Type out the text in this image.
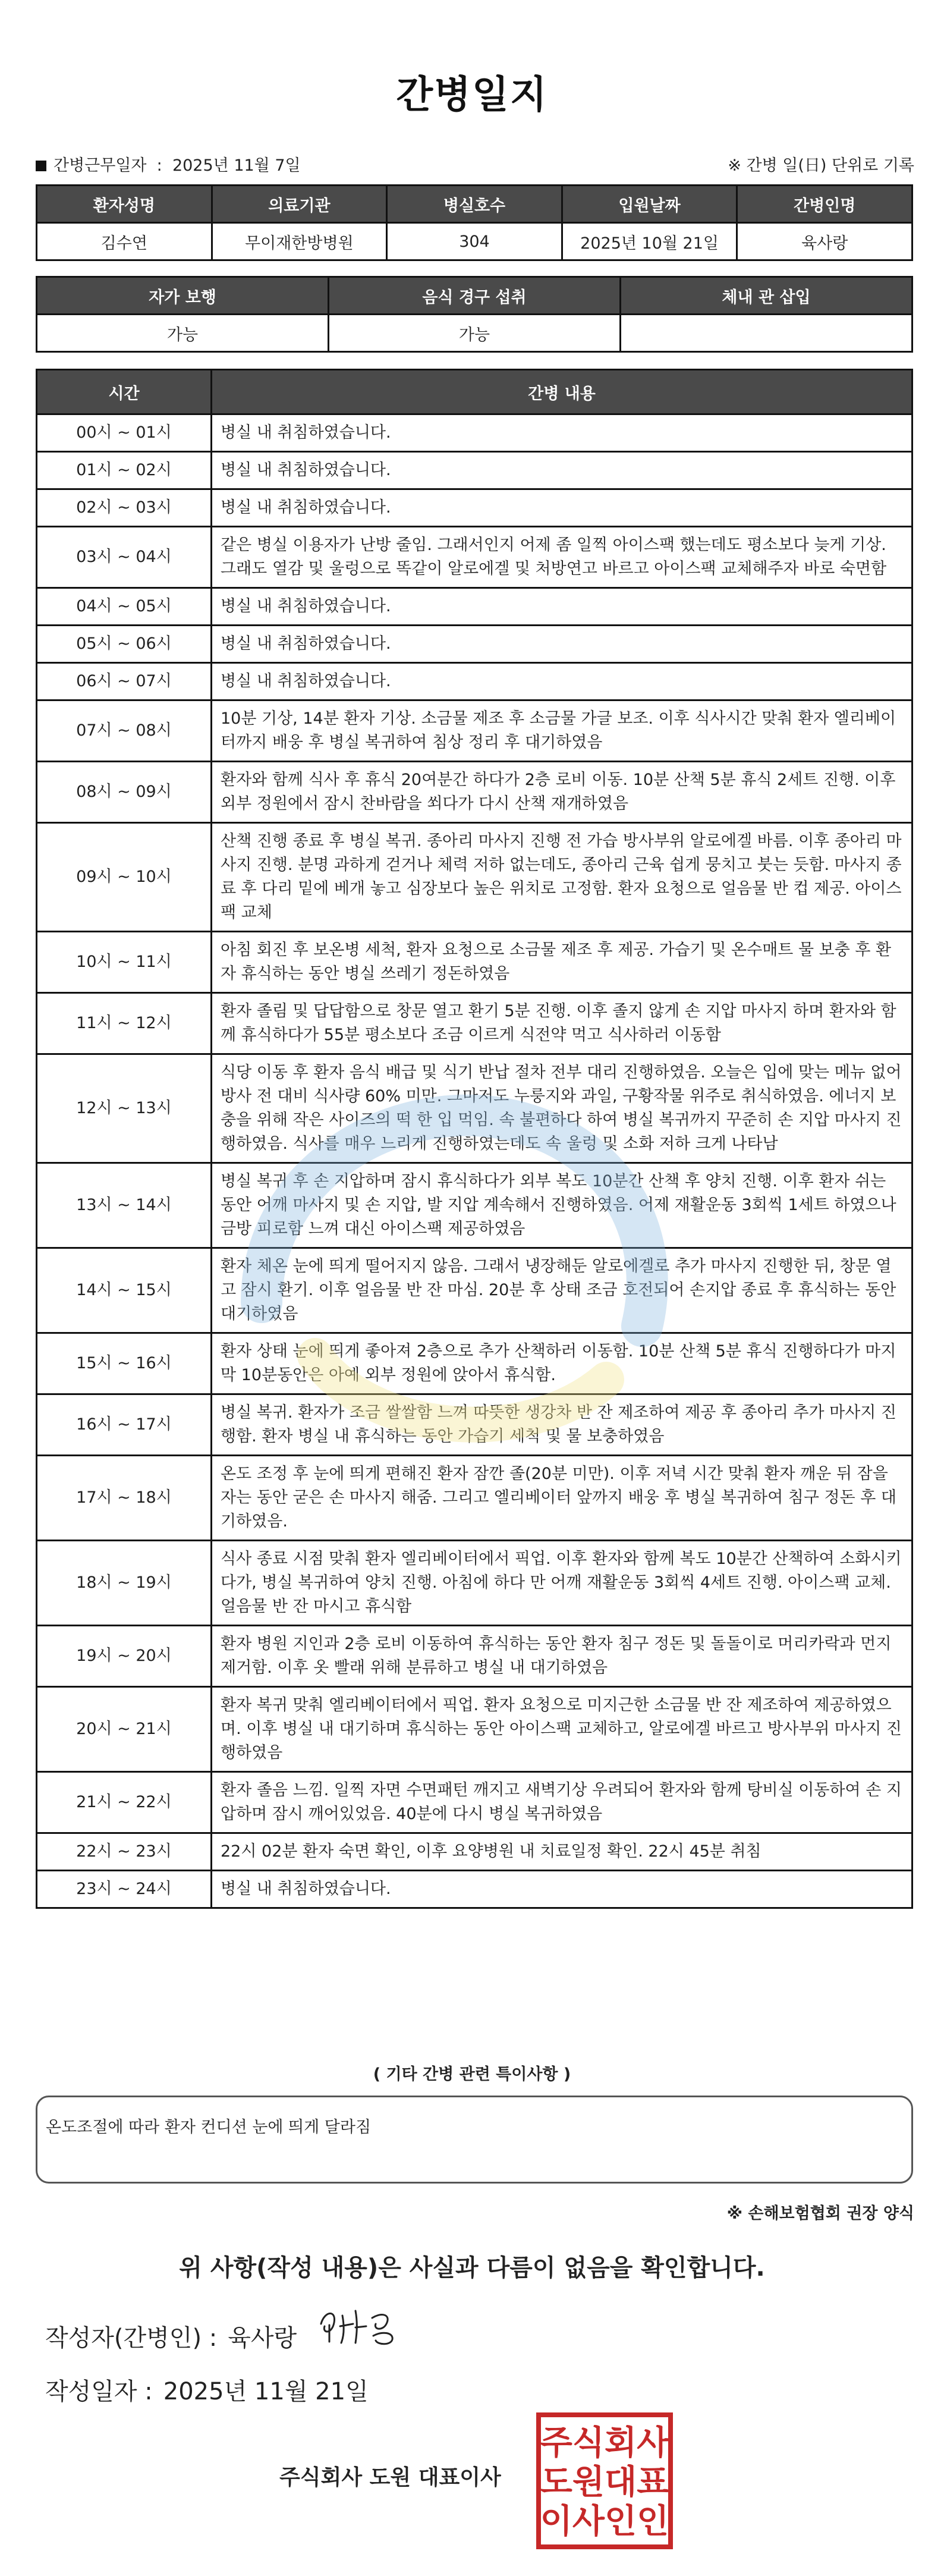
간병일지
간병근무일자  :  2025년 11월 7일	※ 간병 일(日) 단위로 기록
환자성명	의료기관	병실호수	입원날짜	간병인명
김수연	무이재한방병원	304	2025년 10월 21일	육사랑
자가 보행	음식 경구 섭취	체내 관 삽입
가능	가능	
시간	간병 내용
00시 ~ 01시	병실 내 취침하였습니다.
01시 ~ 02시	병실 내 취침하였습니다.
02시 ~ 03시	병실 내 취침하였습니다.
03시 ~ 04시	같은 병실 이용자가 난방 줄임. 그래서인지 어제 좀 일찍 아이스팩 했는데도 평소보다 늦게 기상. 그래도 열감 및 울렁으로 똑같이 알로에겔 및 처방연고 바르고 아이스팩 교체해주자 바로 숙면함
04시 ~ 05시	병실 내 취침하였습니다.
05시 ~ 06시	병실 내 취침하였습니다.
06시 ~ 07시	병실 내 취침하였습니다.
07시 ~ 08시	10분 기상, 14분 환자 기상. 소금물 제조 후 소금물 가글 보조. 이후 식사시간 맞춰 환자 엘리베이터까지 배웅 후 병실 복귀하여 침상 정리 후 대기하였음
08시 ~ 09시	환자와 함께 식사 후 휴식 20여분간 하다가 2층 로비 이동. 10분 산책 5분 휴식 2세트 진행. 이후 외부 정원에서 잠시 찬바람을 쐬다가 다시 산책 재개하였음
09시 ~ 10시	산책 진행 종료 후 병실 복귀. 종아리 마사지 진행 전 가습 방사부위 알로에겔 바름. 이후 종아리 마사지 진행. 분명 과하게 걷거나 체력 저하 없는데도, 종아리 근육 쉽게 뭉치고 붓는 듯함. 마사지 종료 후 다리 밑에 베개 놓고 심장보다 높은 위치로 고정함. 환자 요청으로 얼음물 반 컵 제공. 아이스팩 교체
10시 ~ 11시	아침 회진 후 보온병 세척, 환자 요청으로 소금물 제조 후 제공. 가습기 및 온수매트 물 보충 후 환자 휴식하는 동안 병실 쓰레기 정돈하였음
11시 ~ 12시	환자 졸림 및 답답함으로 창문 열고 환기 5분 진행. 이후 졸지 않게 손 지압 마사지 하며 환자와 함께 휴식하다가 55분 평소보다 조금 이르게 식전약 먹고 식사하러 이동함
12시 ~ 13시	식당 이동 후 환자 음식 배급 및 식기 반납 절차 전부 대리 진행하였음. 오늘은 입에 맞는 메뉴 없어 방사 전 대비 식사량 60% 미만. 그마저도 누룽지와 과일, 구황작물 위주로 취식하였음. 에너지 보충을 위해 작은 사이즈의 떡 한 입 먹임. 속 불편하다 하여 병실 복귀까지 꾸준히 손 지압 마사지 진행하였음. 식사를 매우 느리게 진행하였는데도 속 울렁 및 소화 저하 크게 나타남
13시 ~ 14시	병실 복귀 후 손 지압하며 잠시 휴식하다가 외부 복도 10분간 산책 후 양치 진행. 이후 환자 쉬는 동안 어깨 마사지 및 손 지압, 발 지압 계속해서 진행하였음. 어제 재활운동 3회씩 1세트 하였으나 금방 피로함 느껴 대신 아이스팩 제공하였음
14시 ~ 15시	환자 체온 눈에 띄게 떨어지지 않음. 그래서 냉장해둔 알로에겔로 추가 마사지 진행한 뒤, 창문 열고 잠시 환기. 이후 얼음물 반 잔 마심. 20분 후 상태 조금 호전되어 손지압 종료 후 휴식하는 동안 대기하였음
15시 ~ 16시	환자 상태 눈에 띄게 좋아져 2층으로 추가 산책하러 이동함. 10분 산책 5분 휴식 진행하다가 마지막 10분동안은 아예 외부 정원에 앉아서 휴식함.
16시 ~ 17시	병실 복귀. 환자가 조금 쌀쌀함 느껴 따뜻한 생강차 반 잔 제조하여 제공 후 종아리 추가 마사지 진행함. 환자 병실 내 휴식하는 동안 가습기 세척 및 물 보충하였음
17시 ~ 18시	온도 조정 후 눈에 띄게 편해진 환자 잠깐 졸(20분 미만). 이후 저녁 시간 맞춰 환자 깨운 뒤 잠을 자는 동안 굳은 손 마사지 해줌. 그리고 엘리베이터 앞까지 배웅 후 병실 복귀하여 침구 정돈 후 대기하였음.
18시 ~ 19시	식사 종료 시점 맞춰 환자 엘리베이터에서 픽업. 이후 환자와 함께 복도 10분간 산책하여 소화시키다가, 병실 복귀하여 양치 진행. 아침에 하다 만 어깨 재활운동 3회씩 4세트 진행. 아이스팩 교체. 얼음물 반 잔 마시고 휴식함
19시 ~ 20시	환자 병원 지인과 2층 로비 이동하여 휴식하는 동안 환자 침구 정돈 및 돌돌이로 머리카락과 먼지 제거함. 이후 옷 빨래 위해 분류하고 병실 내 대기하였음
20시 ~ 21시	환자 복귀 맞춰 엘리베이터에서 픽업. 환자 요청으로 미지근한 소금물 반 잔 제조하여 제공하였으며. 이후 병실 내 대기하며 휴식하는 동안 아이스팩 교체하고, 알로에겔 바르고 방사부위 마사지 진행하였음
21시 ~ 22시	환자 졸음 느낌. 일찍 자면 수면패턴 깨지고 새벽기상 우려되어 환자와 함께 탕비실 이동하여 손 지압하며 잠시 깨어있었음. 40분에 다시 병실 복귀하였음
22시 ~ 23시	22시 02분 환자 숙면 확인, 이후 요양병원 내 치료일정 확인. 22시 45분 취침
23시 ~ 24시	병실 내 취침하였습니다.
( 기타 간병 관련 특이사항 )
온도조절에 따라 환자 컨디션 눈에 띄게 달라짐
※ 손해보험협회 권장 양식
위 사항(작성 내용)은 사실과 다름이 없음을 확인합니다.
작성자(간병인) : 육사랑
작성일자 : 2025년 11월 21일
주식회사 도원 대표이사
주식회사
도원대표
이사인인
